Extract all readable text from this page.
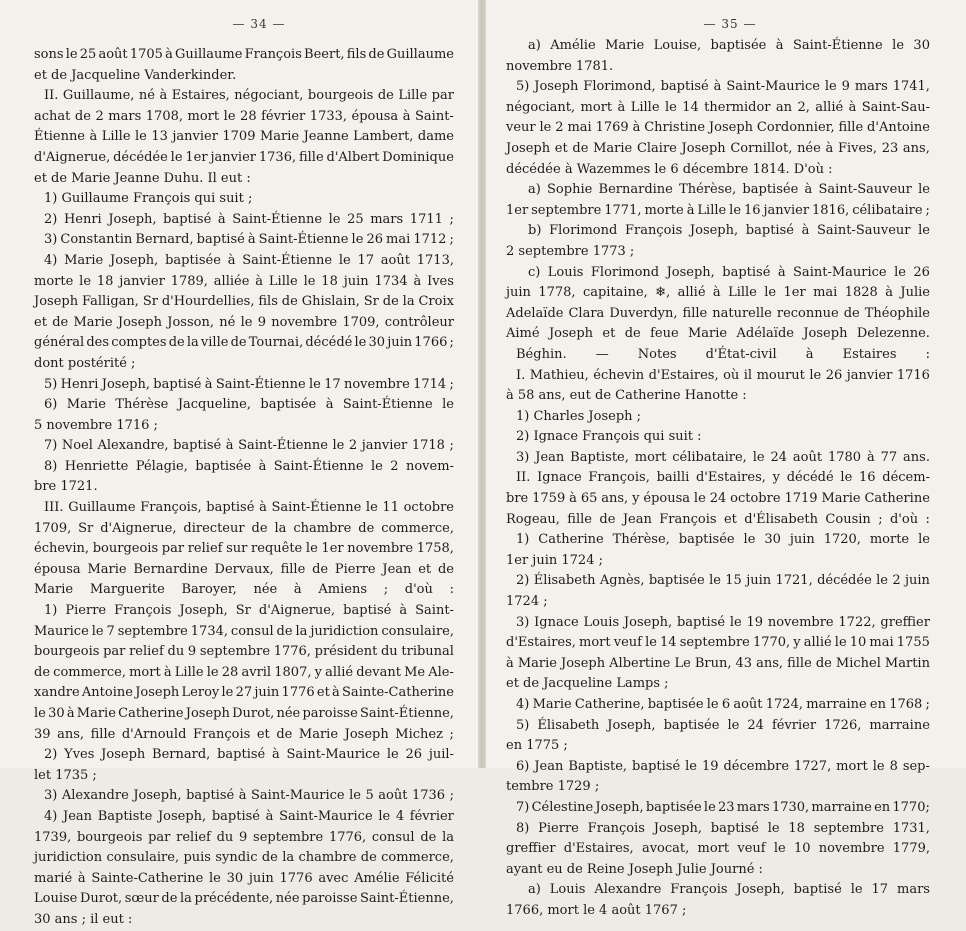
— 34 —
sons le 25 août 1705 à Guillaume François Beert, fils de Guillaume
et de Jacqueline Vanderkinder.
II. Guillaume, né à Estaires, négociant, bourgeois de Lille par
achat de 2 mars 1708, mort le 28 février 1733, épousa à Saint-
Étienne à Lille le 13 janvier 1709 Marie Jeanne Lambert, dame
d'Aignerue, décédée le 1er janvier 1736, fille d'Albert Dominique
et de Marie Jeanne Duhu. Il eut :
1) Guillaume François qui suit ;
2) Henri Joseph, baptisé à Saint-Étienne le 25 mars 1711 ;
3) Constantin Bernard, baptisé à Saint-Étienne le 26 mai 1712 ;
4) Marie Joseph, baptisée à Saint-Étienne le 17 août 1713,
morte le 18 janvier 1789, alliée à Lille le 18 juin 1734 à Ives
Joseph Falligan, Sr d'Hourdellies, fils de Ghislain, Sr de la Croix
et de Marie Joseph Josson, né le 9 novembre 1709, contrôleur
général des comptes de la ville de Tournai, décédé le 30 juin 1766 ;
dont postérité ;
5) Henri Joseph, baptisé à Saint-Étienne le 17 novembre 1714 ;
6) Marie Thérèse Jacqueline, baptisée à Saint-Étienne le
5 novembre 1716 ;
7) Noel Alexandre, baptisé à Saint-Étienne le 2 janvier 1718 ;
8) Henriette Pélagie, baptisée à Saint-Étienne le 2 novem-
bre 1721.
III. Guillaume François, baptisé à Saint-Étienne le 11 octobre
1709, Sr d'Aignerue, directeur de la chambre de commerce,
échevin, bourgeois par relief sur requête le 1er novembre 1758,
épousa Marie Bernardine Dervaux, fille de Pierre Jean et de
Marie Marguerite Baroyer, née à Amiens ; d'où :
1) Pierre François Joseph, Sr d'Aignerue, baptisé à Saint-
Maurice le 7 septembre 1734, consul de la juridiction consulaire,
bourgeois par relief du 9 septembre 1776, président du tribunal
de commerce, mort à Lille le 28 avril 1807, y allié devant Me Ale-
xandre Antoine Joseph Leroy le 27 juin 1776 et à Sainte-Catherine
le 30 à Marie Catherine Joseph Durot, née paroisse Saint-Étienne,
39 ans, fille d'Arnould François et de Marie Joseph Michez ;
2) Yves Joseph Bernard, baptisé à Saint-Maurice le 26 juil-
let 1735 ;
3) Alexandre Joseph, baptisé à Saint-Maurice le 5 août 1736 ;
4) Jean Baptiste Joseph, baptisé à Saint-Maurice le 4 février
1739, bourgeois par relief du 9 septembre 1776, consul de la
juridiction consulaire, puis syndic de la chambre de commerce,
marié à Sainte-Catherine le 30 juin 1776 avec Amélie Félicité
Louise Durot, sœur de la précédente, née paroisse Saint-Étienne,
30 ans ; il eut :
— 35 —
a) Amélie Marie Louise, baptisée à Saint-Étienne le 30
novembre 1781.
5) Joseph Florimond, baptisé à Saint-Maurice le 9 mars 1741,
négociant, mort à Lille le 14 thermidor an 2, allié à Saint-Sau-
veur le 2 mai 1769 à Christine Joseph Cordonnier, fille d'Antoine
Joseph et de Marie Claire Joseph Cornillot, née à Fives, 23 ans,
décédée à Wazemmes le 6 décembre 1814. D'où :
a) Sophie Bernardine Thérèse, baptisée à Saint-Sauveur le
1er septembre 1771, morte à Lille le 16 janvier 1816, célibataire ;
b) Florimond François Joseph, baptisé à Saint-Sauveur le
2 septembre 1773 ;
c) Louis Florimond Joseph, baptisé à Saint-Maurice le 26
juin 1778, capitaine, ❄, allié à Lille le 1er mai 1828 à Julie
Adelaïde Clara Duverdyn, fille naturelle reconnue de Théophile
Aimé Joseph et de feue Marie Adélaïde Joseph Delezenne.
Béghin. — Notes d'État-civil à Estaires :
I. Mathieu, échevin d'Estaires, où il mourut le 26 janvier 1716
à 58 ans, eut de Catherine Hanotte :
1) Charles Joseph ;
2) Ignace François qui suit :
3) Jean Baptiste, mort célibataire, le 24 août 1780 à 77 ans.
II. Ignace François, bailli d'Estaires, y décédé le 16 décem-
bre 1759 à 65 ans, y épousa le 24 octobre 1719 Marie Catherine
Rogeau, fille de Jean François et d'Élisabeth Cousin ; d'où :
1) Catherine Thérèse, baptisée le 30 juin 1720, morte le
1er juin 1724 ;
2) Élisabeth Agnès, baptisée le 15 juin 1721, décédée le 2 juin
1724 ;
3) Ignace Louis Joseph, baptisé le 19 novembre 1722, greffier
d'Estaires, mort veuf le 14 septembre 1770, y allié le 10 mai 1755
à Marie Joseph Albertine Le Brun, 43 ans, fille de Michel Martin
et de Jacqueline Lamps ;
4) Marie Catherine, baptisée le 6 août 1724, marraine en 1768 ;
5) Élisabeth Joseph, baptisée le 24 février 1726, marraine
en 1775 ;
6) Jean Baptiste, baptisé le 19 décembre 1727, mort le 8 sep-
tembre 1729 ;
7) Célestine Joseph, baptisée le 23 mars 1730, marraine en 1770;
8) Pierre François Joseph, baptisé le 18 septembre 1731,
greffier d'Estaires, avocat, mort veuf le 10 novembre 1779,
ayant eu de Reine Joseph Julie Journé :
a) Louis Alexandre François Joseph, baptisé le 17 mars
1766, mort le 4 août 1767 ;
